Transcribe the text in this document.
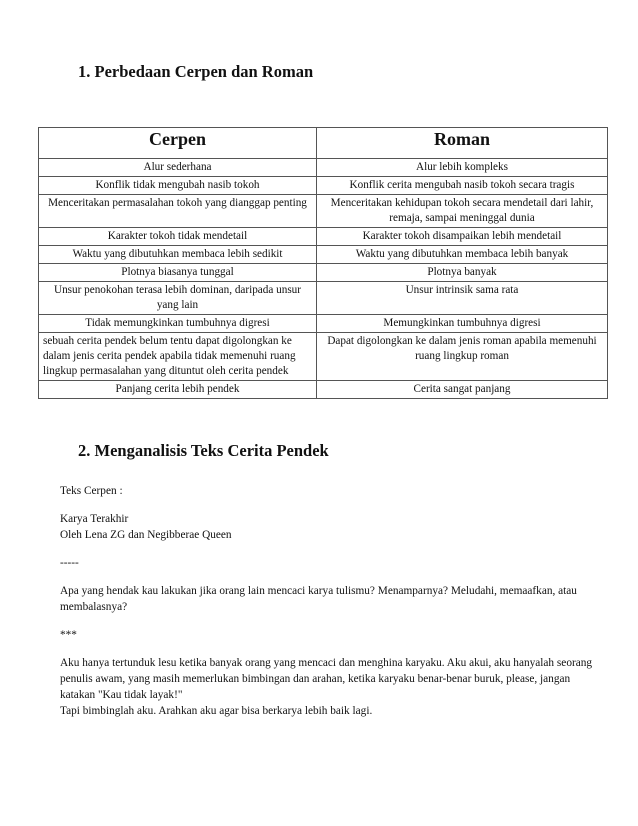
1. Perbedaan Cerpen dan Roman
Cerpen	Roman
Alur sederhana	Alur lebih kompleks
Konflik tidak mengubah nasib tokoh	Konflik cerita mengubah nasib tokoh secara tragis
Menceritakan permasalahan tokoh yang dianggap penting	Menceritakan kehidupan tokoh secara mendetail dari lahir, remaja, sampai meninggal dunia
Karakter tokoh tidak mendetail	Karakter tokoh disampaikan lebih mendetail
Waktu yang dibutuhkan membaca lebih sedikit	Waktu yang dibutuhkan membaca lebih banyak
Plotnya biasanya tunggal	Plotnya banyak
Unsur penokohan terasa lebih dominan, daripada unsur yang lain	Unsur intrinsik sama rata
Tidak memungkinkan tumbuhnya digresi	Memungkinkan tumbuhnya digresi
sebuah cerita pendek belum tentu dapat digolongkan ke dalam jenis cerita pendek apabila tidak memenuhi ruang lingkup permasalahan yang dituntut oleh cerita pendek	Dapat digolongkan ke dalam jenis roman apabila memenuhi ruang lingkup roman
Panjang cerita lebih pendek	Cerita sangat panjang
2. Menganalisis Teks Cerita Pendek

Teks Cerpen :

Karya Terakhir

Oleh Lena ZG dan Negibberae Queen

-----

Apa yang hendak kau lakukan jika orang lain mencaci karya tulismu? Menamparnya? Meludahi, memaafkan, atau membalasnya?

***

Aku hanya tertunduk lesu ketika banyak orang yang mencaci dan menghina karyaku. Aku akui, aku hanyalah seorang penulis awam, yang masih memerlukan bimbingan dan arahan, ketika karyaku benar-benar buruk, please, jangan katakan "Kau tidak layak!"

Tapi bimbinglah aku. Arahkan aku agar bisa berkarya lebih baik lagi.
